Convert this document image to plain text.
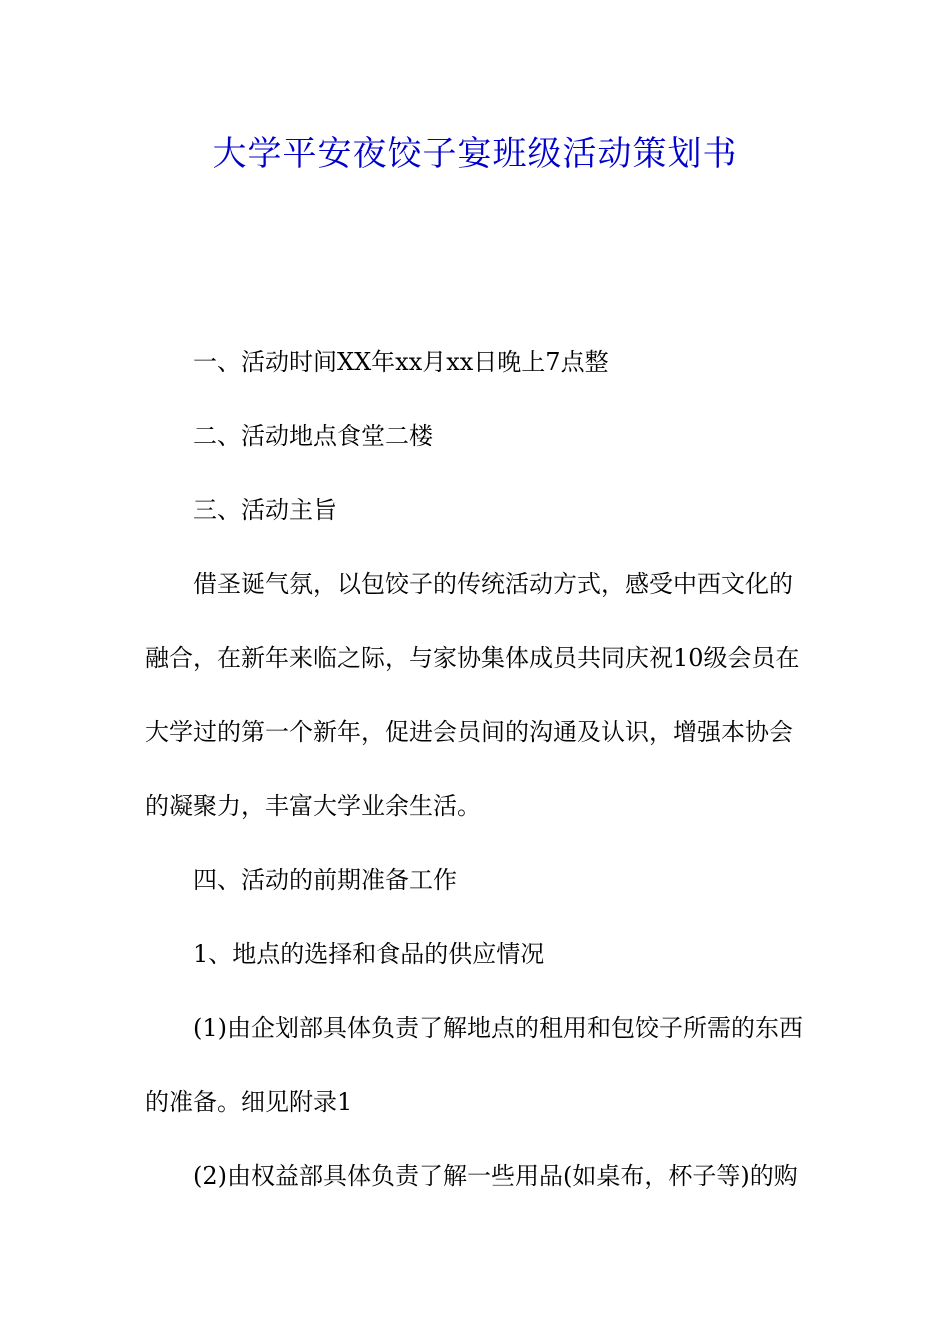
大学平安夜饺子宴班级活动策划书

一、活动时间XX年xx月xx日晚上7点整

二、活动地点食堂二楼

三、活动主旨

借圣诞气氛，以包饺子的传统活动方式，感受中西文化的融合，在新年来临之际，与家协集体成员共同庆祝10级会员在大学过的第一个新年，促进会员间的沟通及认识，增强本协会的凝聚力，丰富大学业余生活。

四、活动的前期准备工作

1、地点的选择和食品的供应情况

(1)由企划部具体负责了解地点的租用和包饺子所需的东西的准备。细见附录1

(2)由权益部具体负责了解一些用品(如桌布，杯子等)的购
